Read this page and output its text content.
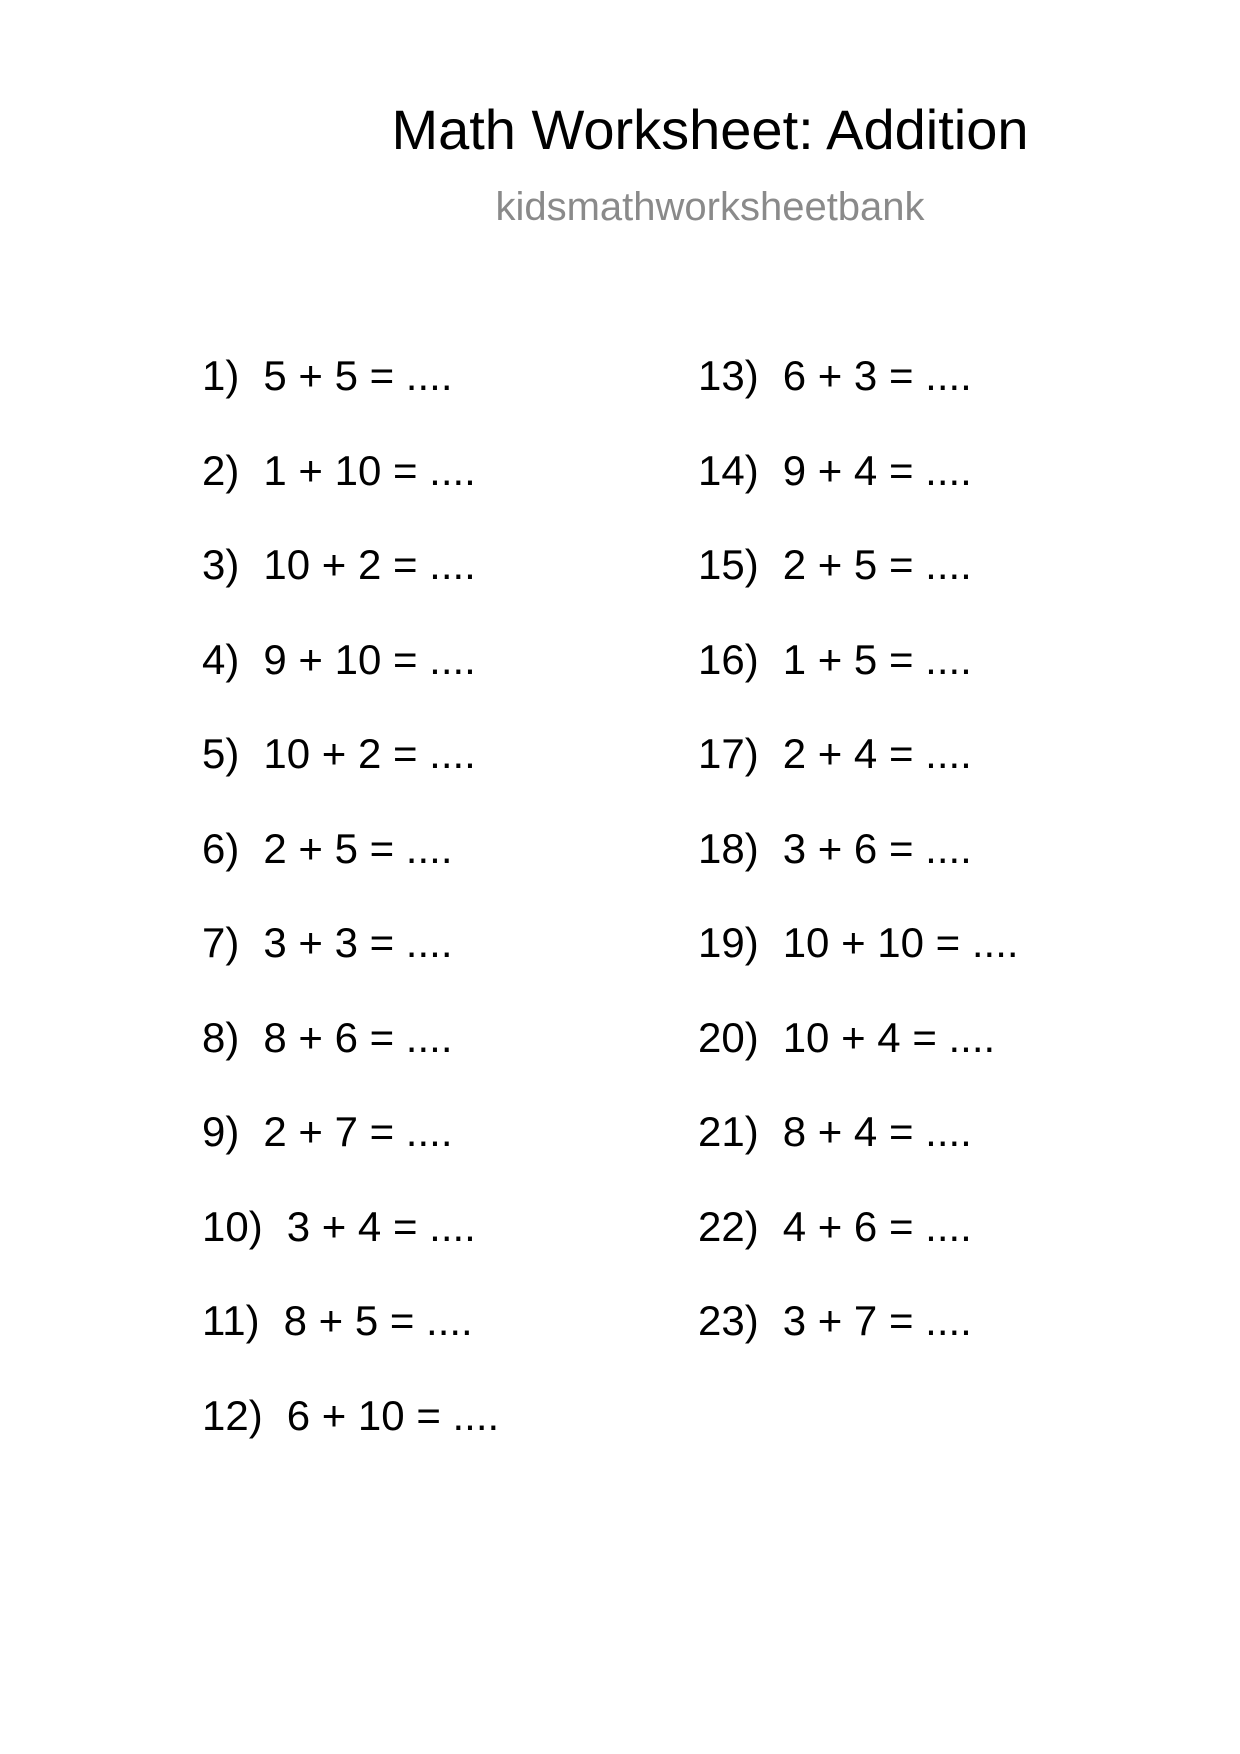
Math Worksheet: Addition
kidsmathworksheetbank
1) 5 + 5 = ....
2) 1 + 10 = ....
3) 10 + 2 = ....
4) 9 + 10 = ....
5) 10 + 2 = ....
6) 2 + 5 = ....
7) 3 + 3 = ....
8) 8 + 6 = ....
9) 2 + 7 = ....
10) 3 + 4 = ....
11) 8 + 5 = ....
12) 6 + 10 = ....
13) 6 + 3 = ....
14) 9 + 4 = ....
15) 2 + 5 = ....
16) 1 + 5 = ....
17) 2 + 4 = ....
18) 3 + 6 = ....
19) 10 + 10 = ....
20) 10 + 4 = ....
21) 8 + 4 = ....
22) 4 + 6 = ....
23) 3 + 7 = ....
